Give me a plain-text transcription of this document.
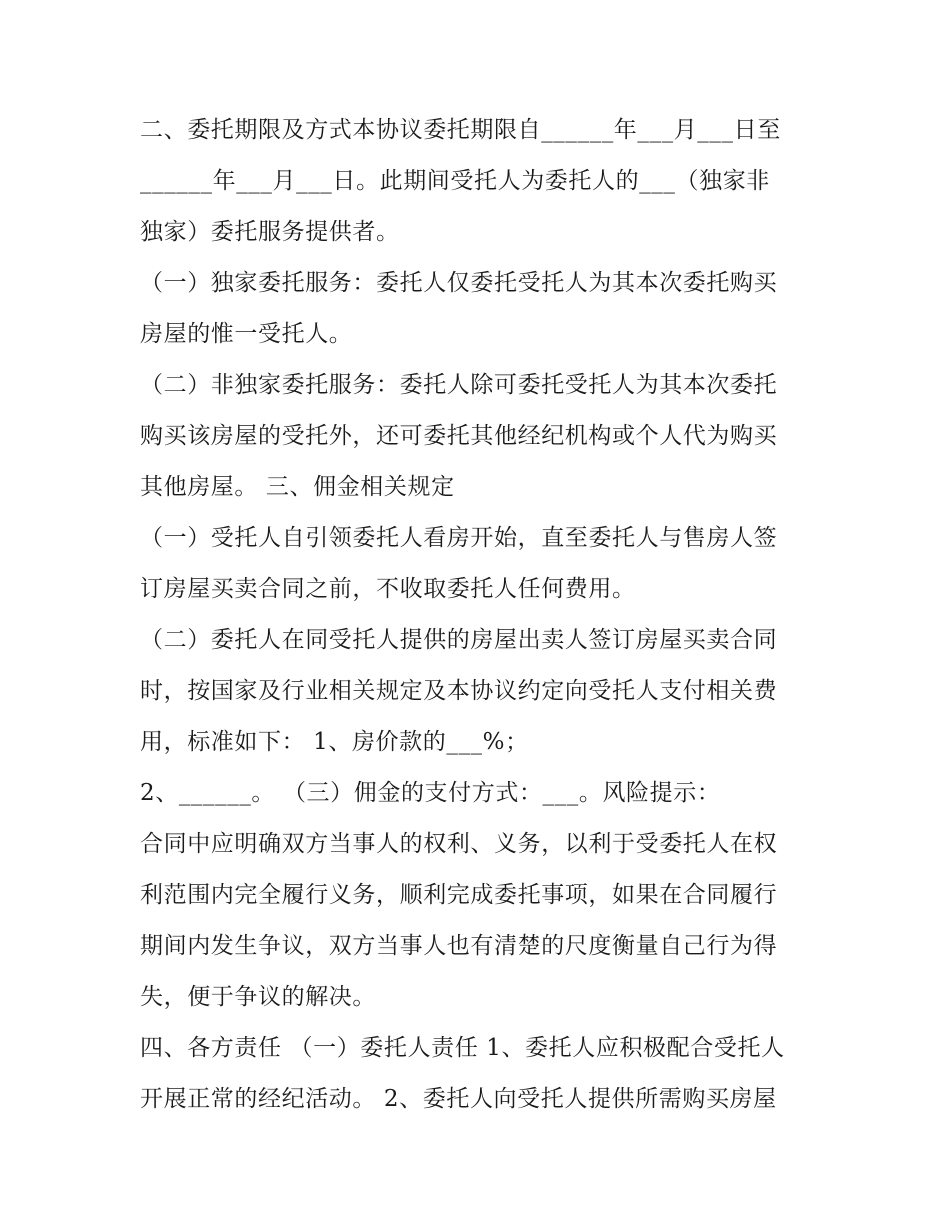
二、委托期限及方式本协议委托期限自______年___月___日至
______年___月___日。此期间受托人为委托人的___（独家非
独家）委托服务提供者。
（一）独家委托服务：委托人仅委托受托人为其本次委托购买
房屋的惟一受托人。
（二）非独家委托服务：委托人除可委托受托人为其本次委托
购买该房屋的受托外，还可委托其他经纪机构或个人代为购买
其他房屋。 三、佣金相关规定
（一）受托人自引领委托人看房开始，直至委托人与售房人签
订房屋买卖合同之前，不收取委托人任何费用。
（二）委托人在同受托人提供的房屋出卖人签订房屋买卖合同
时，按国家及行业相关规定及本协议约定向受托人支付相关费
用，标准如下： 1、房价款的___%；
2、______。 （三）佣金的支付方式：___。风险提示：
合同中应明确双方当事人的权利、义务，以利于受委托人在权
利范围内完全履行义务，顺利完成委托事项，如果在合同履行
期间内发生争议，双方当事人也有清楚的尺度衡量自己行为得
失，便于争议的解决。
四、各方责任 （一）委托人责任 1、委托人应积极配合受托人
开展正常的经纪活动。 2、委托人向受托人提供所需购买房屋
